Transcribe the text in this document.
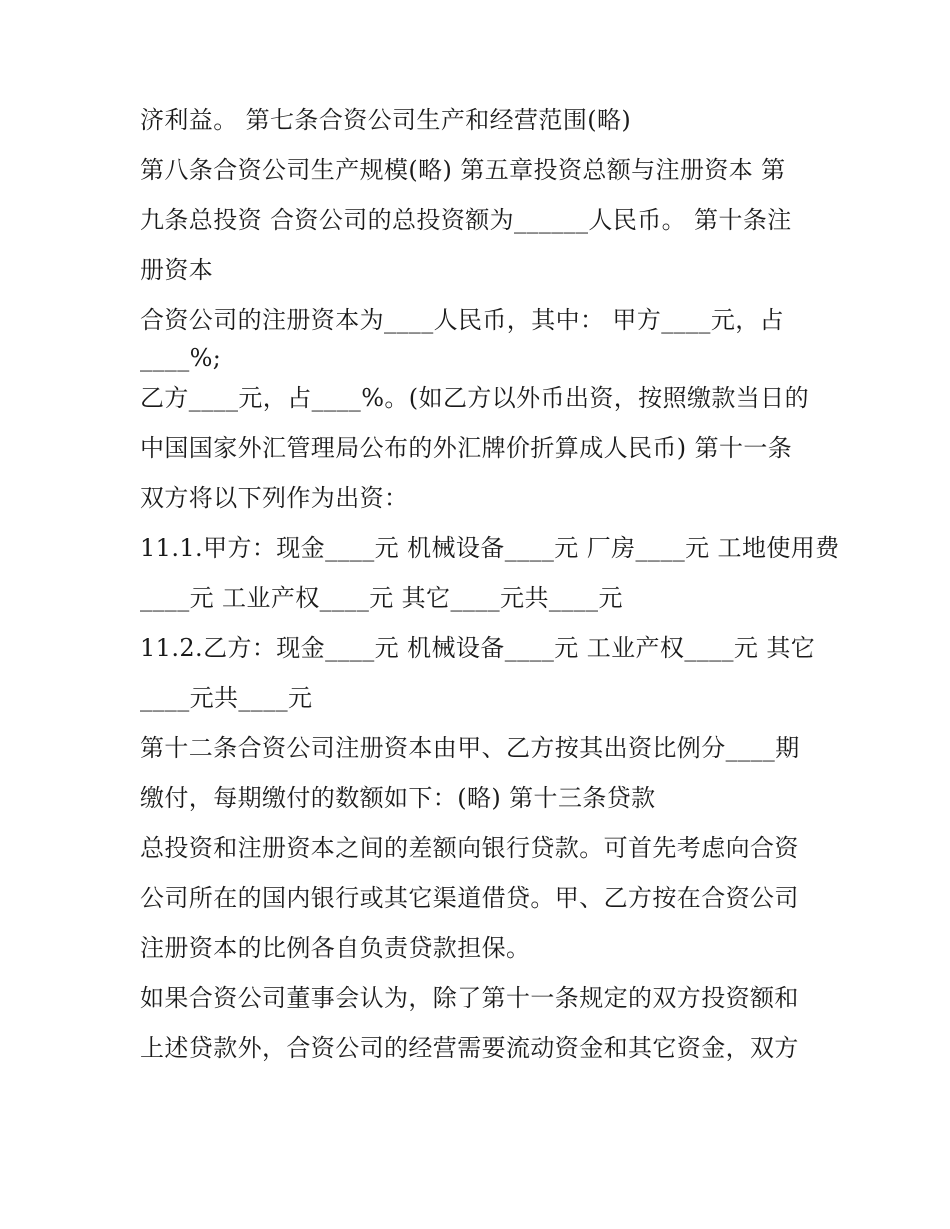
济利益。 第七条合资公司生产和经营范围(略)

第八条合资公司生产规模(略) 第五章投资总额与注册资本 第

九条总投资 合资公司的总投资额为______人民币。 第十条注

册资本

合资公司的注册资本为____人民币，其中： 甲方____元，占

____%;

乙方____元，占____%。(如乙方以外币出资，按照缴款当日的

中国国家外汇管理局公布的外汇牌价折算成人民币) 第十一条

双方将以下列作为出资：

11.1.甲方：现金____元 机械设备____元 厂房____元 工地使用费

____元 工业产权____元 其它____元共____元

11.2.乙方：现金____元 机械设备____元 工业产权____元 其它

____元共____元

第十二条合资公司注册资本由甲、乙方按其出资比例分____期

缴付，每期缴付的数额如下：(略) 第十三条贷款

总投资和注册资本之间的差额向银行贷款。可首先考虑向合资

公司所在的国内银行或其它渠道借贷。甲、乙方按在合资公司

注册资本的比例各自负责贷款担保。

如果合资公司董事会认为，除了第十一条规定的双方投资额和

上述贷款外，合资公司的经营需要流动资金和其它资金，双方
